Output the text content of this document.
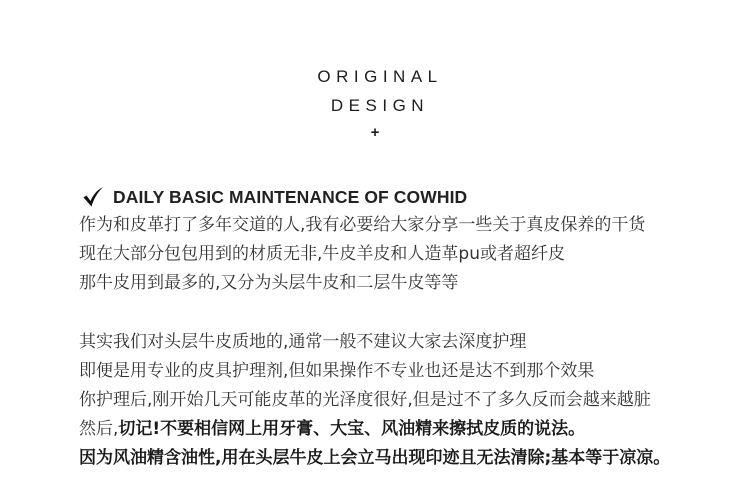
ORIGINAL
DESIGN
+
DAILY BASIC MAINTENANCE OF COWHID
作为和皮革打了多年交道的人,我有必要给大家分享一些关于真皮保养的干货
现在大部分包包用到的材质无非,牛皮羊皮和人造革pu或者超纤皮
那牛皮用到最多的,又分为头层牛皮和二层牛皮等等
其实我们对头层牛皮质地的,通常一般不建议大家去深度护理
即便是用专业的皮具护理剂,但如果操作不专业也还是达不到那个效果
你护理后,刚开始几天可能皮革的光泽度很好,但是过不了多久反而会越来越脏
然后,切记!不要相信网上用牙膏、大宝、风油精来擦拭皮质的说法。
因为风油精含油性,用在头层牛皮上会立马出现印迹且无法清除;基本等于凉凉。
